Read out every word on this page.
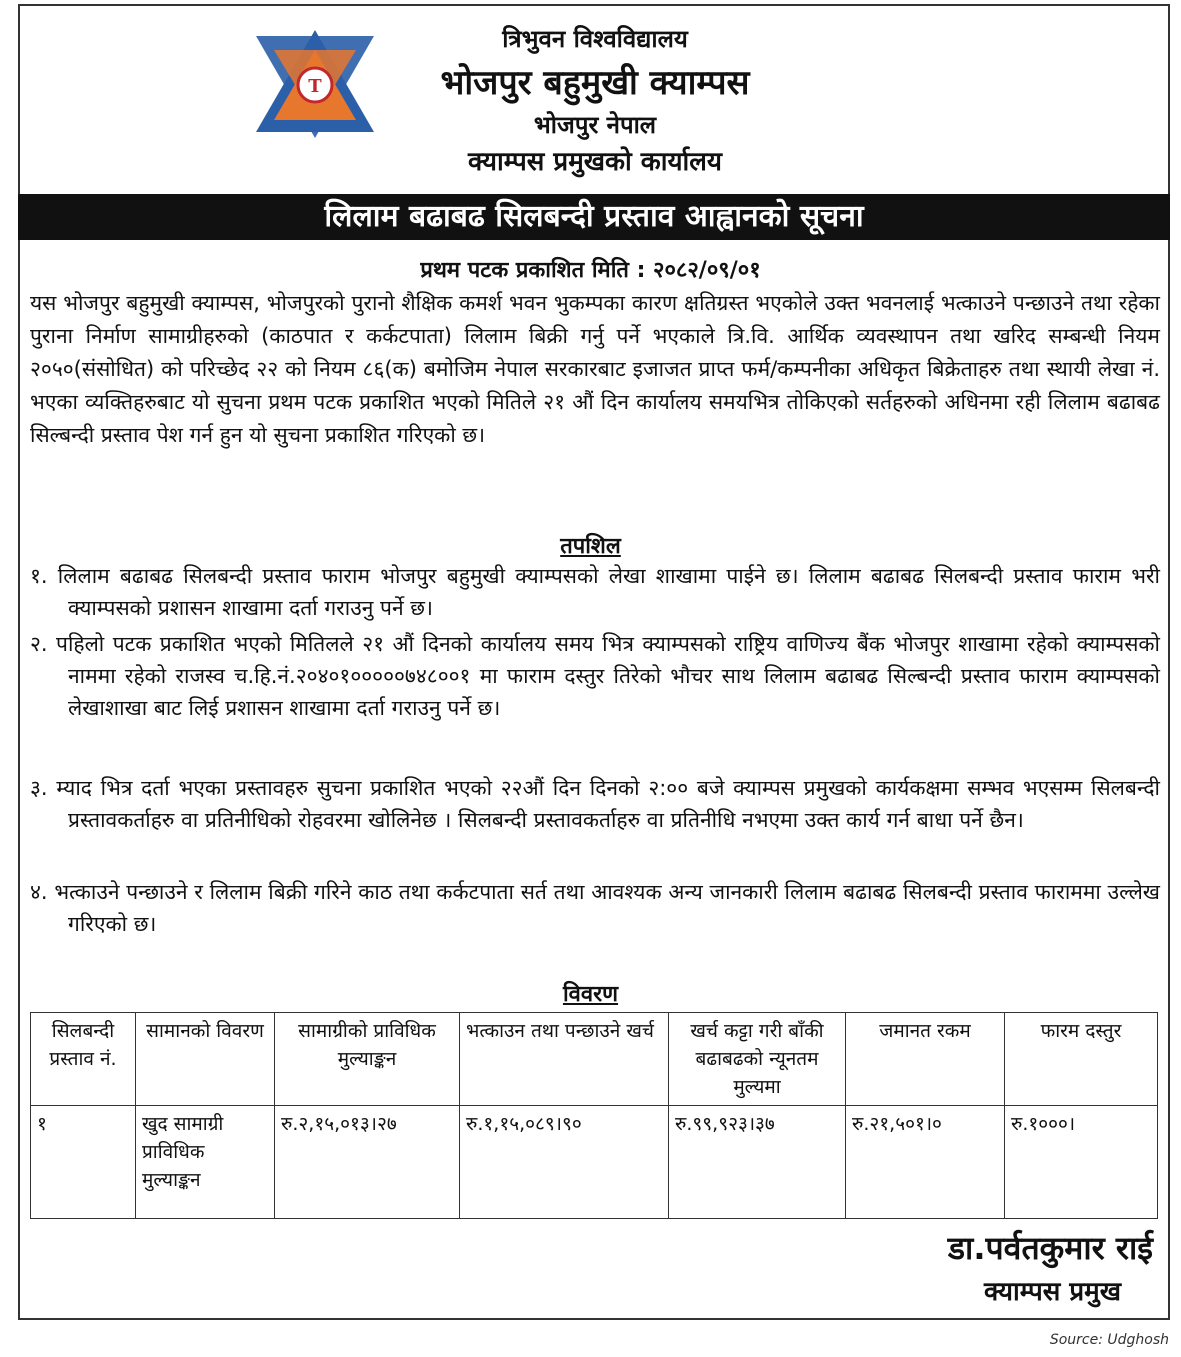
T
त्रिभुवन विश्वविद्यालय
भोजपुर बहुमुखी क्याम्पस
भोजपुर नेपाल
क्याम्पस प्रमुखको कार्यालय
लिलाम बढाबढ सिलबन्दी प्रस्ताव आह्वानको सूचना
प्रथम पटक प्रकाशित मिति : २०८२/०९/०१
यस भोजपुर बहुमुखी क्याम्पस, भोजपुरको पुरानो शैक्षिक कमर्श भवन भुकम्पका कारण क्षतिग्रस्त भएकोले उक्त भवनलाई भत्काउने पन्छाउने तथा रहेका पुराना निर्माण सामाग्रीहरुको (काठपात र कर्कटपाता) लिलाम बिक्री गर्नु पर्ने भएकाले त्रि.वि. आर्थिक व्यवस्थापन तथा खरिद सम्बन्धी नियम २०५०(संसोधित) को परिच्छेद २२ को नियम ८६(क) बमोजिम नेपाल सरकारबाट इजाजत प्राप्त फर्म/कम्पनीका अधिकृत बिक्रेताहरु तथा स्थायी लेखा नं. भएका व्यक्तिहरुबाट यो सुचना प्रथम पटक प्रकाशित भएको मितिले २१ औं दिन कार्यालय समयभित्र तोकिएको सर्तहरुको अधिनमा रही लिलाम बढाबढ सिल्बन्दी प्रस्ताव पेश गर्न हुन यो सुचना प्रकाशित गरिएको छ।
तपशिल
१. लिलाम बढाबढ सिलबन्दी प्रस्ताव फाराम भोजपुर बहुमुखी क्याम्पसको लेखा शाखामा पाईने छ। लिलाम बढाबढ सिलबन्दी प्रस्ताव फाराम भरी क्याम्पसको प्रशासन शाखामा दर्ता गराउनु पर्ने छ।
२. पहिलो पटक प्रकाशित भएको मितिलले २१ औं दिनको कार्यालय समय भित्र क्याम्पसको राष्ट्रिय वाणिज्य बैंक भोजपुर शाखामा रहेको क्याम्पसको नाममा रहेको राजस्व च.हि.नं.२०४०१०००००७४८००१ मा फाराम दस्तुर तिरेको भौचर साथ लिलाम बढाबढ सिल्बन्दी प्रस्ताव फाराम क्याम्पसको लेखाशाखा बाट लिई प्रशासन शाखामा दर्ता गराउनु पर्ने छ।
३. म्याद भित्र दर्ता भएका प्रस्तावहरु सुचना प्रकाशित भएको २२औं दिन दिनको २:०० बजे क्याम्पस प्रमुखको कार्यकक्षमा सम्भव भएसम्म सिलबन्दी प्रस्तावकर्ताहरु वा प्रतिनीधिको रोहवरमा खोलिनेछ । सिलबन्दी प्रस्तावकर्ताहरु वा प्रतिनीधि नभएमा उक्त कार्य गर्न बाधा पर्ने छैन।
४. भत्काउने पन्छाउने र लिलाम बिक्री गरिने काठ तथा कर्कटपाता सर्त तथा आवश्यक अन्य जानकारी लिलाम बढाबढ सिलबन्दी प्रस्ताव फाराममा उल्लेख गरिएको छ।
विवरण
सिलबन्दी प्रस्ताव नं.	सामानको विवरण	सामाग्रीको प्राविधिक मुल्याङ्कन	भत्काउन तथा पन्छाउने खर्च	खर्च कट्टा गरी बाँकी बढाबढको न्यूनतम मुल्यमा	जमानत रकम	फारम दस्तुर
१	खुद सामाग्री प्राविधिक मुल्याङ्कन	रु.२,१५,०१३।२७	रु.१,१५,०८९।९०	रु.९९,९२३।३७	रु.२१,५०१।०	रु.१०००।
डा.पर्वतकुमार राई
क्याम्पस प्रमुख
Source: Udghosh
